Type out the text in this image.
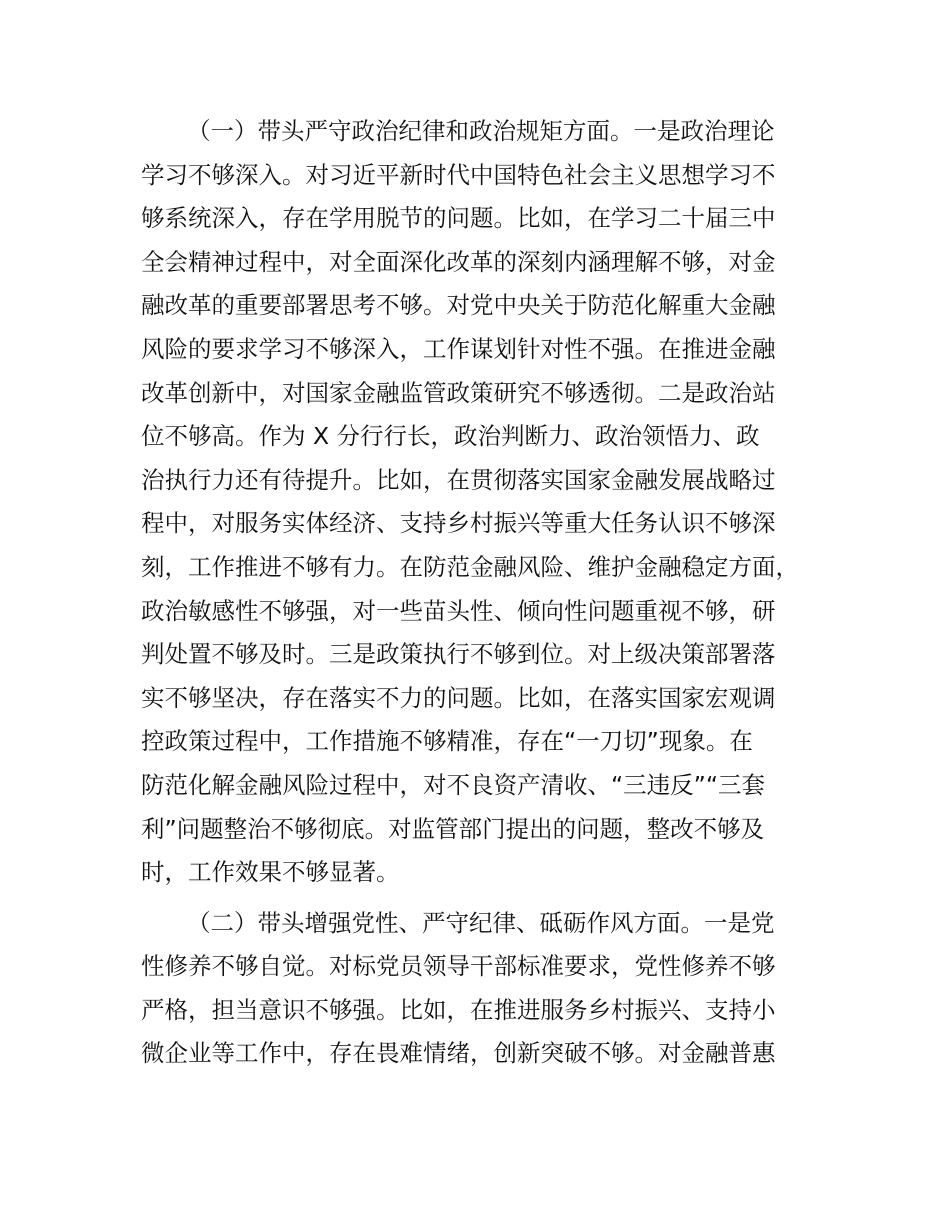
（一）带头严守政治纪律和政治规矩方面。一是政治理论
学习不够深入。对习近平新时代中国特色社会主义思想学习不
够系统深入，存在学用脱节的问题。比如，在学习二十届三中
全会精神过程中，对全面深化改革的深刻内涵理解不够，对金
融改革的重要部署思考不够。对党中央关于防范化解重大金融
风险的要求学习不够深入，工作谋划针对性不强。在推进金融
改革创新中，对国家金融监管政策研究不够透彻。二是政治站
位不够高。作为 X 分行行长，政治判断力、政治领悟力、政
治执行力还有待提升。比如，在贯彻落实国家金融发展战略过
程中，对服务实体经济、支持乡村振兴等重大任务认识不够深
刻，工作推进不够有力。在防范金融风险、维护金融稳定方面，
政治敏感性不够强，对一些苗头性、倾向性问题重视不够，研
判处置不够及时。三是政策执行不够到位。对上级决策部署落
实不够坚决，存在落实不力的问题。比如，在落实国家宏观调
控政策过程中，工作措施不够精准，存在“一刀切”现象。在
防范化解金融风险过程中，对不良资产清收、“三违反”“三套
利”问题整治不够彻底。对监管部门提出的问题，整改不够及
时，工作效果不够显著。

（二）带头增强党性、严守纪律、砥砺作风方面。一是党
性修养不够自觉。对标党员领导干部标准要求，党性修养不够
严格，担当意识不够强。比如，在推进服务乡村振兴、支持小
微企业等工作中，存在畏难情绪，创新突破不够。对金融普惠
